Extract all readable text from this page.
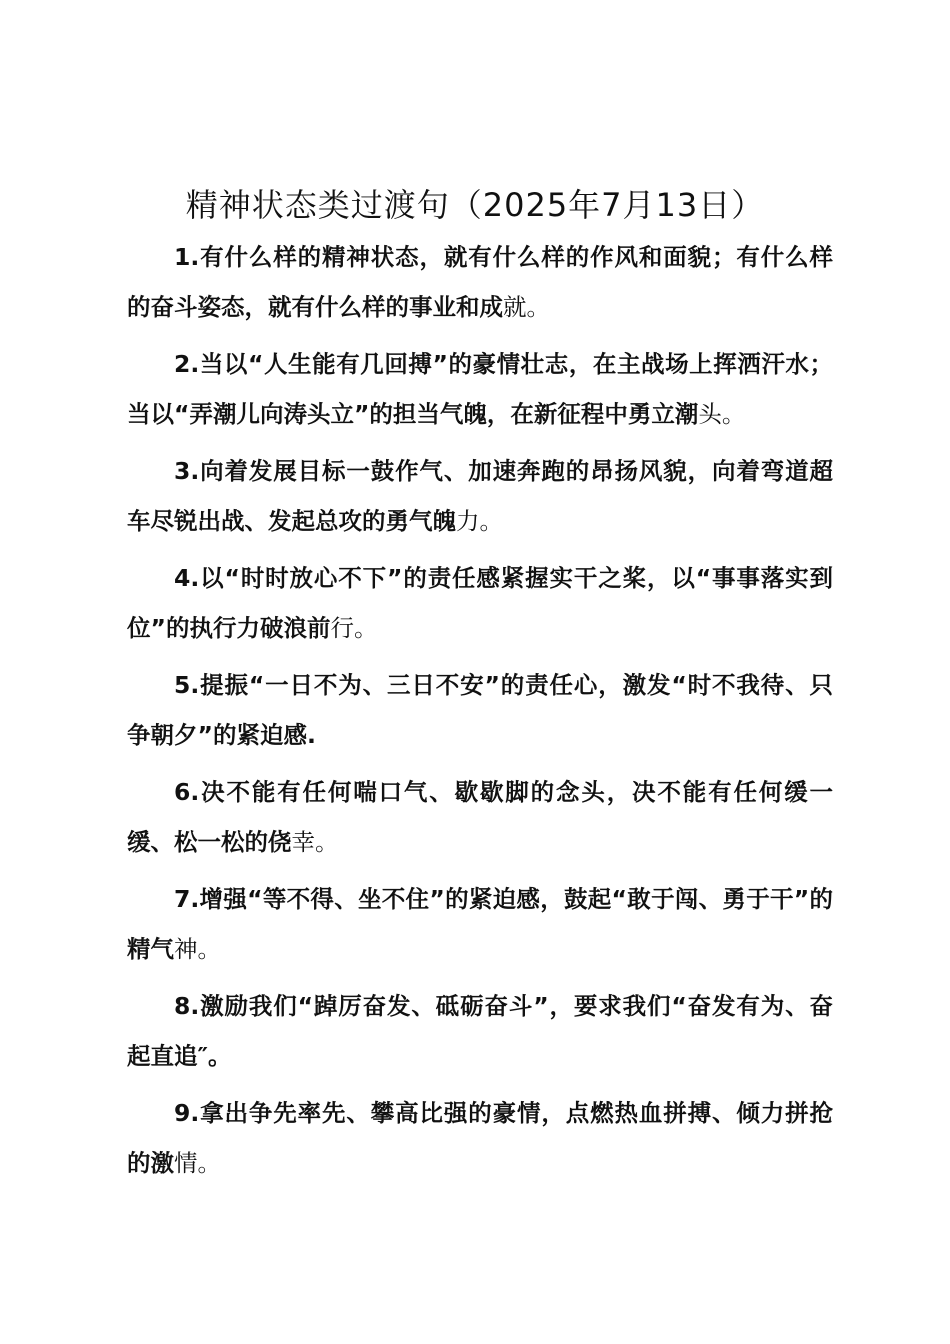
精神状态类过渡句（2025年7月13日）

1.有什么样的精神状态，就有什么样的作风和面貌；有什么样的奋斗姿态，就有什么样的事业和成就。

2.当以“人生能有几回搏”的豪情壮志，在主战场上挥洒汗水；当以“弄潮儿向涛头立”的担当气魄，在新征程中勇立潮头。

3.向着发展目标一鼓作气、加速奔跑的昂扬风貌，向着弯道超车尽锐出战、发起总攻的勇气魄力。

4.以“时时放心不下”的责任感紧握实干之桨，以“事事落实到位”的执行力破浪前行。

5.提振“一日不为、三日不安”的责任心，激发“时不我待、只争朝夕”的紧迫感.

6.决不能有任何喘口气、歇歇脚的念头，决不能有任何缓一缓、松一松的侥幸。

7.增强“等不得、坐不住”的紧迫感，鼓起“敢于闯、勇于干”的精气神。

8.激励我们“踔厉奋发、砥砺奋斗”，要求我们“奋发有为、奋起直追″。

9.拿出争先率先、攀高比强的豪情，点燃热血拼搏、倾力拼抢的激情。
